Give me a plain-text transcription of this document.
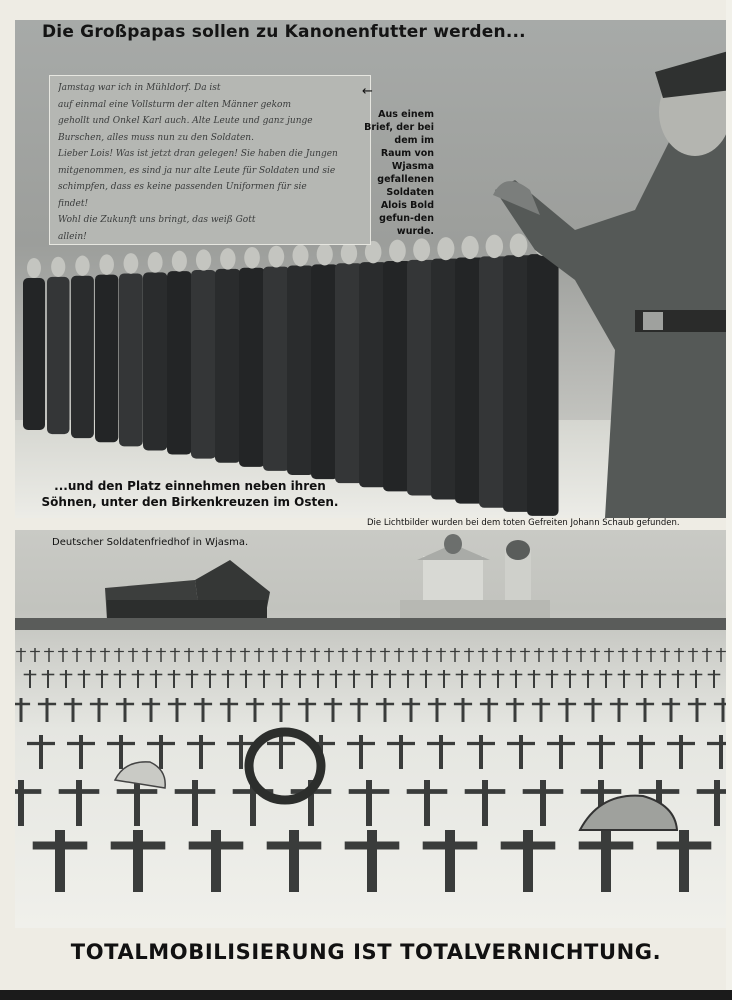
Jamstag war ich in Mühldorf. Da ist
auf einmal eine Vollsturm der alten Männer gekom
gehollt und Onkel Karl auch. Alte Leute und ganz junge
Burschen, alles muss nun zu den Soldaten.
Lieber Lois! Was ist jetzt dran gelegen! Sie haben die Jungen
mitgenommen, es sind ja nur alte Leute für Soldaten und sie
schimpfen, dass es keine passenden Uniformen für sie
findet!
Wohl die Zukunft uns bringt, das weiß Gott
allein!
Die Großpapas sollen zu Kanonenfutter werden...
←
Aus einem Brief, der bei dem im Raum von Wjasma gefallenen Soldaten Alois Bold gefun-den wurde.
...und den Platz einnehmen neben ihren Söhnen, unter den Birkenkreuzen im Osten.
Die Lichtbilder wurden bei dem toten Gefreiten Johann Schaub gefunden.
Deutscher Soldatenfriedhof in Wjasma.
TOTALMOBILISIERUNG IST TOTALVERNICHTUNG.
